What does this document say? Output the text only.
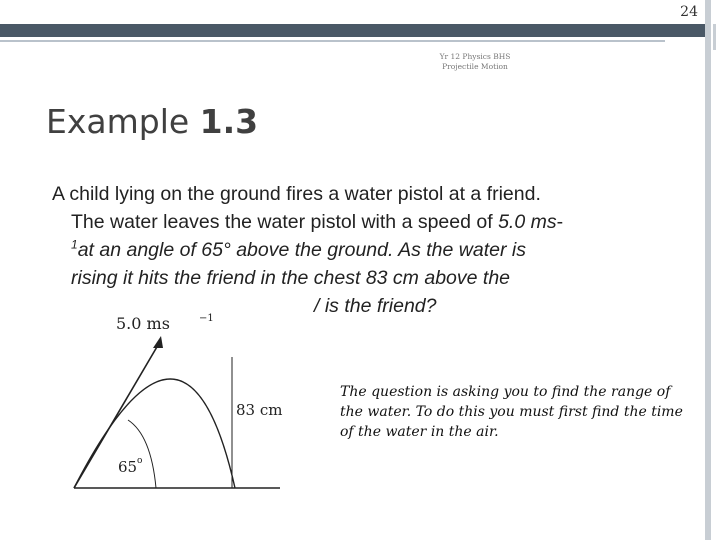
24
Yr 12 Physics BHS
Projectile Motion
Example 1.3
A child lying on the ground fires a water pistol at a friend.
The water leaves the water pistol with a speed of 5.0 ms-
$^1$at an angle of 65° above the ground. As the water is
rising it hits the friend in the chest 83 cm above the
/ is the friend?
5.0 ms	−1
65 o
83 cm
The question is asking you to find the range of the water. To do this you must first find the time of the water in the air.
